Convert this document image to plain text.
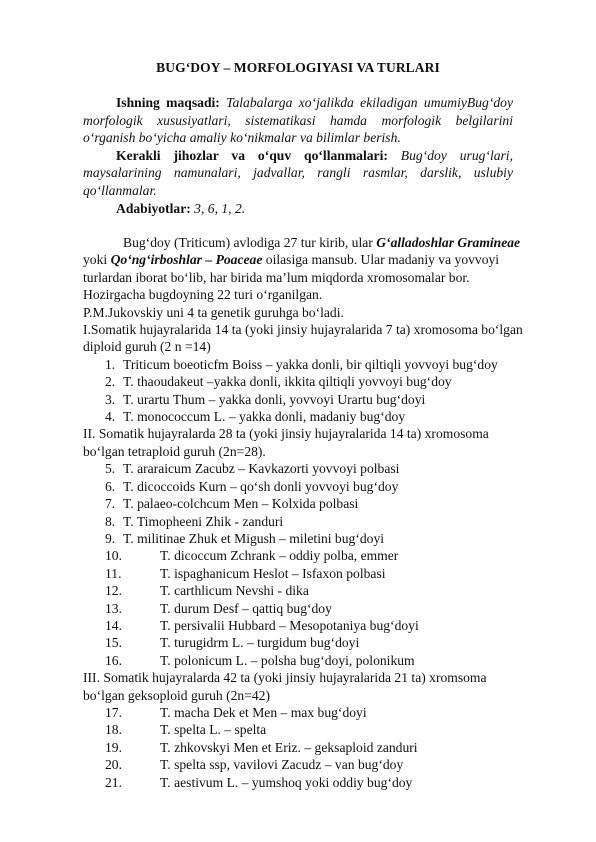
BUG‘DOY – MORFOLOGIYASI VA TURLARI

Ishning maqsadi: Talabalarga xo‘jalikda ekiladigan umumiyBug‘doy morfologik xususiyatlari, sistematikasi hamda morfologik belgilarini o‘rganish bo‘yicha amaliy ko‘nikmalar va bilimlar berish.

Kerakli jihozlar va o‘quv qo‘llanmalari: Bug‘doy urug‘lari, maysalarining namunalari, jadvallar, rangli rasmlar, darslik, uslubiy qo‘llanmalar.

Adabiyotlar: 3, 6, 1, 2.

Bug‘doy (Triticum) avlodiga 27 tur kirib, ular G‘alladoshlar Gramineae yoki Qo‘ng‘irboshlar – Poaceae oilasiga mansub. Ular madaniy va yovvoyi turlardan iborat bo‘lib, har birida ma’lum miqdorda xromosomalar bor. Hozirgacha bugdoyning 22 turi o‘rganilgan.

P.M.Jukovskiy uni 4 ta genetik guruhga bo‘ladi.

I.Somatik hujayralarida 14 ta (yoki jinsiy hujayralarida 7 ta) xromosoma bo‘lgan diploid guruh (2 n =14)

1. Triticum boeoticfm Boiss – yakka donli, bir qiltiqli yovvoyi bug‘doy
2. T. thaoudakeut –yakka donli, ikkita qiltiqli yovvoyi bug‘doy
3. T. urartu Thum – yakka donli, yovvoyi Urartu bug‘doyi
4. T. monococcum L. – yakka donli, madaniy bug‘doy

II. Somatik hujayralarda 28 ta (yoki jinsiy hujayralarida 14 ta) xromosoma bo‘lgan tetraploid guruh (2n=28).

5. T. araraicum Zacubz – Kavkazorti yovvoyi polbasi
6. T. dicoccoids Kurn – qo‘sh donli yovvoyi bug‘doy
7. T. palaeo-colchcum Men – Kolxida polbasi
8. T. Timopheeni Zhik - zanduri
9. T. militinae Zhuk et Migush – miletini bug‘doyi
10.	T. dicoccum Zchrank – oddiy polba, emmer
11.	T. ispaghanicum Heslot – Isfaxon polbasi
12.	T. carthlicum Nevshi - dika
13.	T. durum Desf – qattiq bug‘doy
14.	T. persivalii Hubbard – Mesopotaniya bug‘doyi
15.	T. turugidrm L. – turgidum bug‘doyi
16.	T. polonicum L. – polsha bug‘doyi, polonikum

III. Somatik hujayralarda 42 ta (yoki jinsiy hujayralarida 21 ta) xromsoma bo‘lgan geksoploid guruh (2n=42)

17.	T. macha Dek et Men – max bug‘doyi
18.	T. spelta L. – spelta
19.	T. zhkovskyi Men et Eriz. – geksaploid zanduri
20.	T. spelta ssp, vavilovi Zacudz – van bug‘doy
21.	T. aestivum L. – yumshoq yoki oddiy bug‘doy
